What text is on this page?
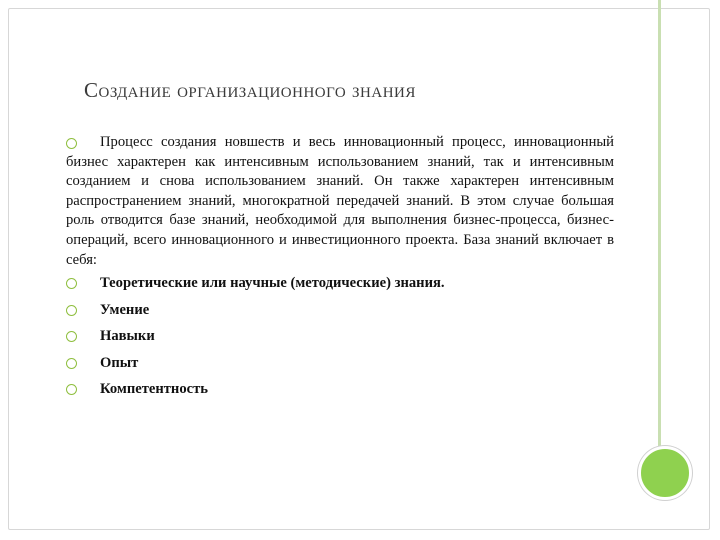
Создание организационного знания
Процесс создания новшеств и весь инновационный процесс, инновационный бизнес характерен как интенсивным использованием знаний, так и интенсивным созданием и снова использованием знаний. Он также характерен интенсивным распространением знаний, многократной передачей знаний. В этом случае большая роль отводится базе знаний, необходимой для выполнения бизнес-процесса, бизнес-операций, всего инновационного и инвестиционного проекта. База знаний включает в себя:
Теоретические или научные (методические) знания.
Умение
Навыки
Опыт
Компетентность
